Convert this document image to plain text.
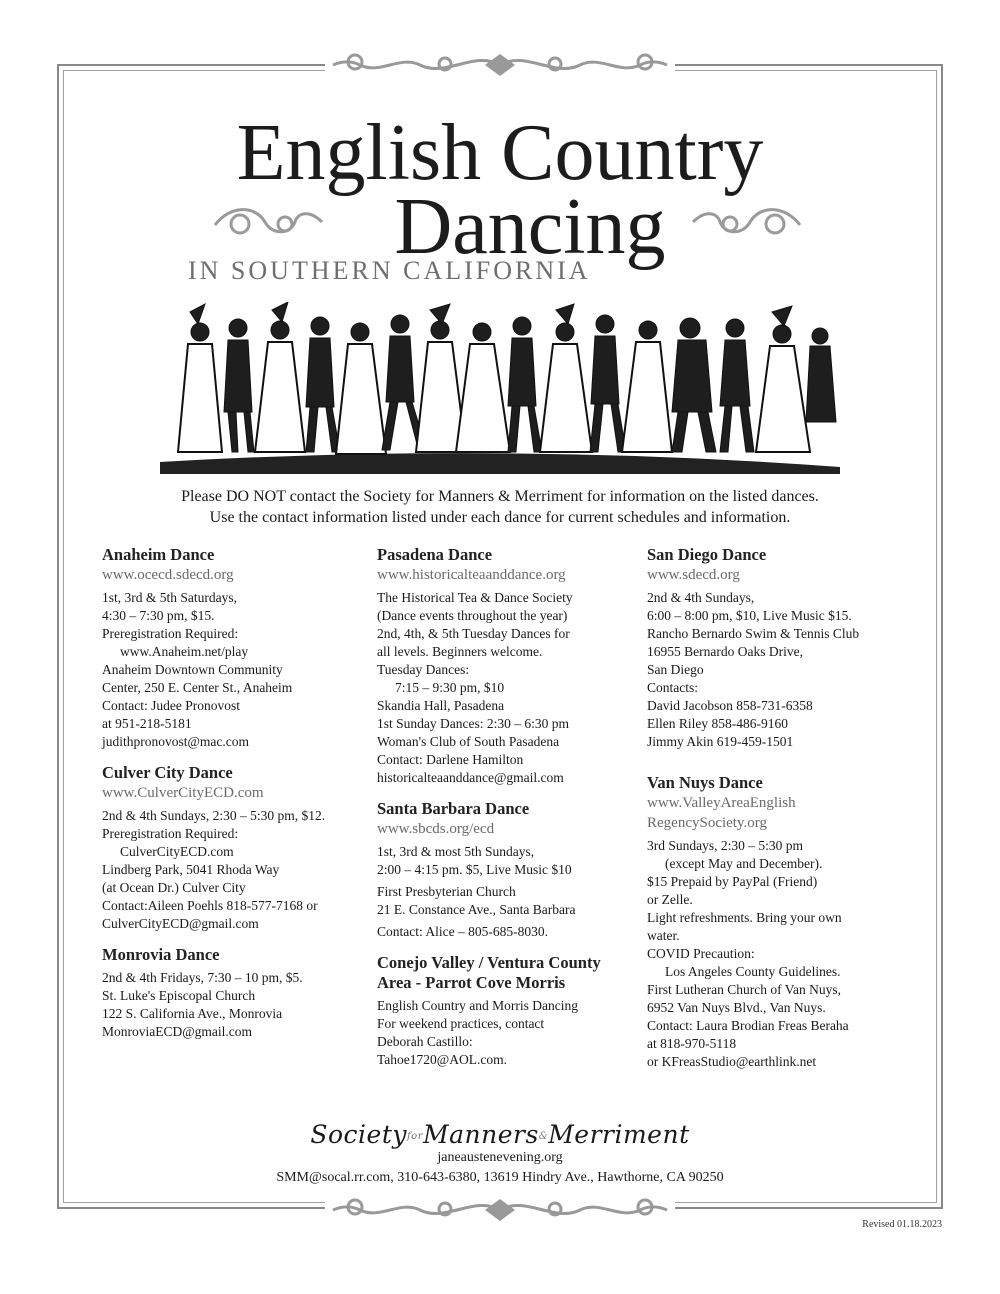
English Country
Dancing
IN SOUTHERN CALIFORNIA
Please DO NOT contact the Society for Manners & Merriment for information on the listed dances.
Use the contact information listed under each dance for current schedules and information.
Anaheim Dance
www.ocecd.sdecd.org
1st, 3rd & 5th Saturdays,
4:30 – 7:30 pm, $15.
Preregistration Required:
www.Anaheim.net/play
Anaheim Downtown Community
Center, 250 E. Center St., Anaheim
Contact: Judee Pronovost
at 951-218-5181
judithpronovost@mac.com
Culver City Dance
www.CulverCityECD.com
2nd & 4th Sundays, 2:30 – 5:30 pm, $12.
Preregistration Required:
CulverCityECD.com
Lindberg Park, 5041 Rhoda Way
(at Ocean Dr.) Culver City
Contact:Aileen Poehls 818-577-7168 or
CulverCityECD@gmail.com
Monrovia Dance
2nd & 4th Fridays, 7:30 – 10 pm, $5.
St. Luke's Episcopal Church
122 S. California Ave., Monrovia
MonroviaECD@gmail.com
Pasadena Dance
www.historicalteaanddance.org
The Historical Tea & Dance Society
(Dance events throughout the year)
2nd, 4th, & 5th Tuesday Dances for
all levels. Beginners welcome.
Tuesday Dances:
7:15 – 9:30 pm, $10
Skandia Hall, Pasadena
1st Sunday Dances: 2:30 – 6:30 pm
Woman's Club of South Pasadena
Contact: Darlene Hamilton
historicalteaanddance@gmail.com
Santa Barbara Dance
www.sbcds.org/ecd
1st, 3rd & most 5th Sundays,
2:00 – 4:15 pm. $5, Live Music $10
First Presbyterian Church
21 E. Constance Ave., Santa Barbara
Contact: Alice – 805-685-8030.
Conejo Valley / Ventura County
Area - Parrot Cove Morris
English Country and Morris Dancing
For weekend practices, contact
Deborah Castillo:
Tahoe1720@AOL.com.
San Diego Dance
www.sdecd.org
2nd & 4th Sundays,
6:00 – 8:00 pm, $10, Live Music $15.
Rancho Bernardo Swim & Tennis Club
16955 Bernardo Oaks Drive,
San Diego
Contacts:
David Jacobson 858-731-6358
Ellen Riley 858-486-9160
Jimmy Akin 619-459-1501
Van Nuys Dance
www.ValleyAreaEnglish
RegencySociety.org
3rd Sundays, 2:30 – 5:30 pm
(except May and December).
$15 Prepaid by PayPal (Friend)
or Zelle.
Light refreshments. Bring your own
water.
COVID Precaution:
Los Angeles County Guidelines.
First Lutheran Church of Van Nuys,
6952 Van Nuys Blvd., Van Nuys.
Contact: Laura Brodian Freas Beraha
at 818-970-5118
or KFreasStudio@earthlink.net
SocietyforManners&Merriment
janeaustenevening.org
SMM@socal.rr.com, 310-643-6380, 13619 Hindry Ave., Hawthorne, CA 90250
Revised 01.18.2023
